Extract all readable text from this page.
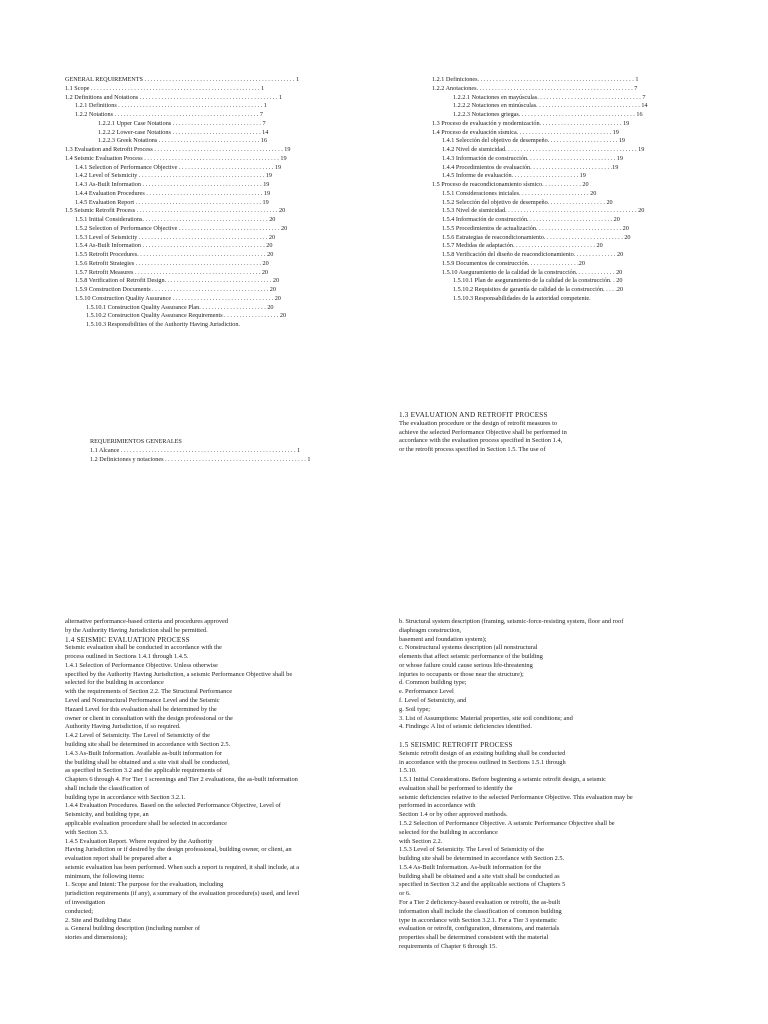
GENERAL REQUIREMENTS . . . . . . . . . . . . . . . . . . . . . . . . . . . . . . . . . . . . . . . . . . . . . . . . . 1
1.1 Scope . . . . . . . . . . . . . . . . . . . . . . . . . . . . . . . . . . . . . . . . . . . . . . . . . . . . . . . 1
1.2 Definitions and Notations . . . . . . . . . . . . . . . . . . . . . . . . . . . . . . . . . . . . . . . . . . . . . 1
1.2.1 Definitions . . . . . . . . . . . . . . . . . . . . . . . . . . . . . . . . . . . . . . . . . . . . . . . 1
1.2.2 Notations . . . . . . . . . . . . . . . . . . . . . . . . . . . . . . . . . . . . . . . . . . . . . . . 7
1.2.2.1 Upper Case Notations . . . . . . . . . . . . . . . . . . . . . . . . . . . . . 7
1.2.2.2 Lower-case Notations . . . . . . . . . . . . . . . . . . . . . . . . . . . . . 14
1.2.2.3 Greek Notations . . . . . . . . . . . . . . . . . . . . . . . . . . . . . . . . . 16
1.3 Evaluation and Retrofit Process . . . . . . . . . . . . . . . . . . . . . . . . . . . . . . . . . . . . . . . . . . 19
1.4 Seismic Evaluation Process . . . . . . . . . . . . . . . . . . . . . . . . . . . . . . . . . . . . . . . . . . . . 19
1.4.1 Selection of Performance Objective . . . . . . . . . . . . . . . . . . . . . . . . . . . . . . . 19
1.4.2 Level of Seismicity . . . . . . . . . . . . . . . . . . . . . . . . . . . . . . . . . . . . . . . . . 19
1.4.3 As-Built Information . . . . . . . . . . . . . . . . . . . . . . . . . . . . . . . . . . . . . . . 19
1.4.4 Evaluation Procedures . . . . . . . . . . . . . . . . . . . . . . . . . . . . . . . . . . . . . . 19
1.4.5 Evaluation Report . . . . . . . . . . . . . . . . . . . . . . . . . . . . . . . . . . . . . . . . . 19
1.5 Seismic Retrofit Process . . . . . . . . . . . . . . . . . . . . . . . . . . . . . . . . . . . . . . . . . . . . . . 20
1.5.1 Initial Considerations. . . . . . . . . . . . . . . . . . . . . . . . . . . . . . . . . . . . . . . . . 20
1.5.2 Selection of Performance Objective . . . . . . . . . . . . . . . . . . . . . . . . . . . . . . . . . 20
1.5.3 Level of Seismicity . . . . . . . . . . . . . . . . . . . . . . . . . . . . . . . . . . . . . . . . . . 20
1.5.4 As-Built Information . . . . . . . . . . . . . . . . . . . . . . . . . . . . . . . . . . . . . . . . 20
1.5.5 Retrofit Procedures. . . . . . . . . . . . . . . . . . . . . . . . . . . . . . . . . . . . . . . . . . 20
1.5.6 Retrofit Strategies . . . . . . . . . . . . . . . . . . . . . . . . . . . . . . . . . . . . . . . . . 20
1.5.7 Retrofit Measures . . . . . . . . . . . . . . . . . . . . . . . . . . . . . . . . . . . . . . . . . 20
1.5.8 Verification of Retrofit Design. . . . . . . . . . . . . . . . . . . . . . . . . . . . . . . . . . . 20
1.5.9 Construction Documents . . . . . . . . . . . . . . . . . . . . . . . . . . . . . . . . . . . . . . 20
1.5.10 Construction Quality Assurance . . . . . . . . . . . . . . . . . . . . . . . . . . . . . . . . . 20
1.5.10.1 Construction Quality Assurance Plan. . . . . . . . . . . . . . . . . . . . . . 20
1.5.10.2 Construction Quality Assurance Requirements . . . . . . . . . . . . . . . . . . 20
1.5.10.3 Responsibilities of the Authority Having Jurisdiction.
REQUERIMIENTOS GENERALES
1.1 Alcance . . . . . . . . . . . . . . . . . . . . . . . . . . . . . . . . . . . . . . . . . . . . . . . . . . . . . . . . . 1
1.2 Definiciones y notaciones . . . . . . . . . . . . . . . . . . . . . . . . . . . . . . . . . . . . . . . . . . . . . . 1
1.2.1 Definiciones. . . . . . . . . . . . . . . . . . . . . . . . . . . . . . . . . . . . . . . . . . . . . . . . . . . 1
1.2.2 Anotaciones. . . . . . . . . . . . . . . . . . . . . . . . . . . . . . . . . . . . . . . . . . . . . . . . . . . 7
1.2.2.1 Notaciones en mayúsculas. . . . . . . . . . . . . . . . . . . . . . . . . . . . . . . . . . 7
1.2.2.2 Notaciones en minúsculas. . . . . . . . . . . . . . . . . . . . . . . . . . . . . . . . . . 14
1.2.2.3 Notaciones griegas. . . . . . . . . . . . . . . . . . . . . . . . . . . . . . . . . . . . . . 16
1.3 Proceso de evaluación y modernización. . . . . . . . . . . . . . . . . . . . . . . . . . . 19
1.4 Proceso de evaluación sísmica. . . . . . . . . . . . . . . . . . . . . . . . . . . . . . . 19
1.4.1 Selección del objetivo de desempeño. . . . . . . . . . . . . . . . . . . . . . . 19
1.4.2 Nivel de sismicidad. . . . . . . . . . . . . . . . . . . . . . . . . . . . . . . . . . . . . . . . . . . 19
1.4.3 Información de construcción. . . . . . . . . . . . . . . . . . . . . . . . . . . . . 19
1.4.4 Procedimientos de evaluación. . . . . . . . . . . . . . . . . . . . . . . . . . .19
1.4.5 Informe de evaluación. . . . . . . . . . . . . . . . . . . . . . 19
1.5 Proceso de reacondicionamiento sísmico. . . . . . . . . . . . . 20
1.5.1 Consideraciones iniciales. . . . . . . . . . . . . . . . . . . . . . . 20
1.5.2 Selección del objetivo de desempeño. . . . . . . . . . . . . . . . . . . 20
1.5.3 Nivel de sismicidad. . . . . . . . . . . . . . . . . . . . . . . . . . . . . . . . . . . . . . . . . . . 20
1.5.4 Información de construcción. . . . . . . . . . . . . . . . . . . . . . . . . . . . 20
1.5.5 Procedimientos de actualización. . . . . . . . . . . . . . . . . . . . . . . . . . . . 20
1.5.6 Estrategias de reacondicionamiento. . . . . . . . . . . . . . . . . . . . . . . . . . 20
1.5.7 Medidas de adaptación. . . . . . . . . . . . . . . . . . . . . . . . . . . 20
1.5.8 Verificación del diseño de reacondicionamiento. . . . . . . . . . . . . . 20
1.5.9 Documentos de construcción. . . . . . . . . . . . . . . . .20
1.5.10 Aseguramiento de la calidad de la construcción. . . . . . . . . . . . . 20
1.5.10.1 Plan de aseguramiento de la calidad de la construcción. . 20
1.5.10.2 Requisitos de garantía de calidad de la construcción. . . . .20
1.5.10.3 Responsabilidades de la autoridad competente.
1.3 EVALUATION AND RETROFIT PROCESS
The evaluation procedure or the design of retrofit measures to
achieve the selected Performance Objective shall be performed in
accordance with the evaluation process specified in Section 1.4,
or the retrofit process specified in Section 1.5. The use of
alternative performance-based criteria and procedures approved
by the Authority Having Jurisdiction shall be permitted.
1.4 SEISMIC EVALUATION PROCESS
Seismic evaluation shall be conducted in accordance with the
process outlined in Sections 1.4.1 through 1.4.5.
1.4.1 Selection of Performance Objective. Unless otherwise
specified by the Authority Having Jurisdiction, a seismic Performance Objective shall be
selected for the building in accordance
with the requirements of Section 2.2. The Structural Performance
Level and Nonstructural Performance Level and the Seismic
Hazard Level for this evaluation shall be determined by the
owner or client in consultation with the design professional or the
Authority Having Jurisdiction, if so required.
1.4.2 Level of Seismicity. The Level of Seismicity of the
building site shall be determined in accordance with Section 2.5.
1.4.3 As-Built Information. Available as-built information for
the building shall be obtained and a site visit shall be conducted,
as specified in Section 3.2 and the applicable requirements of
Chapters 6 through 4. For Tier 1 screenings and Tier 2 evaluations, the as-built information
shall include the classification of
building type in accordance with Section 3.2.1.
1.4.4 Evaluation Procedures. Based on the selected Performance Objective, Level of
Seismicity, and building type, an
applicable evaluation procedure shall be selected in accordance
with Section 3.3.
1.4.5 Evaluation Report. Where required by the Authority
Having Jurisdiction or if desired by the design professional, building owner, or client, an
evaluation report shall be prepared after a
seismic evaluation has been performed. When such a report is required, it shall include, at a
minimum, the following items:
1. Scope and Intent: The purpose for the evaluation, including
jurisdiction requirements (if any), a summary of the evaluation procedure(s) used, and level
of investigation
conducted;
2. Site and Building Data:
a. General building description (including number of
stories and dimensions);
b. Structural system description (framing, seismic-force-resisting system, floor and roof
diaphragm construction,
basement and foundation system);
c. Nonstructural systems description (all nonstructural
elements that affect seismic performance of the building
or whose failure could cause serious life-threatening
injuries to occupants or those near the structure);
d. Common building type;
e. Performance Level
f. Level of Seismicity, and
g. Soil type;
3. List of Assumptions: Material properties, site soil conditions; and
4. Findings: A list of seismic deficiencies identified.

1.5 SEISMIC RETROFIT PROCESS
Seismic retrofit design of an existing building shall be conducted
in accordance with the process outlined in Sections 1.5.1 through
1.5.10.
1.5.1 Initial Considerations. Before beginning a seismic retrofit design, a seismic
evaluation shall be performed to identify the
seismic deficiencies relative to the selected Performance Objective. This evaluation may be
performed in accordance with
Section 1.4 or by other approved methods.
1.5.2 Selection of Performance Objective. A seismic Performance Objective shall be
selected for the building in accordance
with Section 2.2.
1.5.3 Level of Seismicity. The Level of Seismicity of the
building site shall be determined in accordance with Section 2.5.
1.5.4 As-Built Information. As-built information for the
building shall be obtained and a site visit shall be conducted as
specified in Section 3.2 and the applicable sections of Chapters 5
or 6.
For a Tier 2 deficiency-based evaluation or retrofit, the as-built
information shall include the classification of common building
type in accordance with Section 3.2.1. For a Tier 3 systematic
evaluation or retrofit, configuration, dimensions, and materials
properties shall be determined consistent with the material
requirements of Chapter 6 through 15.
